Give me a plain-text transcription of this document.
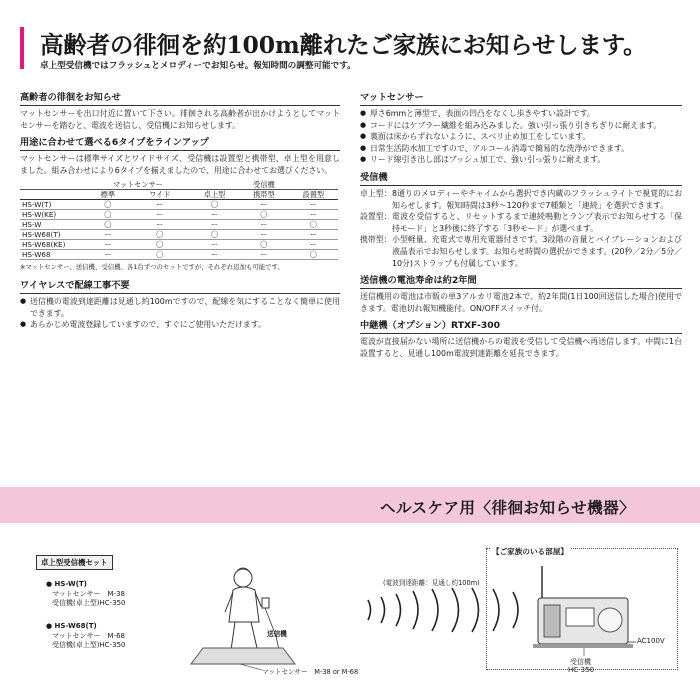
高齢者の徘徊を約100m離れたご家族にお知らせします。
卓上型受信機ではフラッシュとメロディーでお知らせ。報知時間の調整可能です。
高齢者の徘徊をお知らせ
マットセンサーを出口付近に置いて下さい。徘徊される高齢者が出かけようとしてマットセンサーを踏むと、電波を送信し、受信機にお知らせします。
用途に合わせて選べる6タイプをラインアップ
マットセンサーは標準サイズとワイドサイズ、受信機は設置型と携帯型、卓上型を用意しました。組み合わせにより6タイプを揃えましたので、用途に合わせてお選びください。
	マットセンサー		受信機		
	標準	ワイド	卓上型	携帯型	設置型
HS-W(T)	〇	ー	〇	ー	ー
HS-W(KE)	〇	ー	ー	〇	ー
HS-W	〇	ー	ー	ー	〇
HS-W68(T)	ー	〇	〇	ー	ー
HS-W68(KE)	ー	〇	ー	〇	ー
HS-W68	ー	〇	ー	ー	〇
※マットセンサー、送信機、受信機、各1台ずつのセットですが、それぞれ追加も可能です。
ワイヤレスで配線工事不要
● 送信機の電波到達距離は見通し約100mですので、配線を気にすることなく簡単に使用できます。
● あらかじめ電波登録していますので、すぐにご使用いただけます。
マットセンサー
● 厚さ6mmと薄型で、表面の凹凸をなくし歩きやすい設計です。
● コードにはケブラー繊維を組み込みました。強い引っ張り引きちぎりに耐えます。
● 裏面は床からずれないように、スベリ止め加工をしています。
● 日常生活防水加工ですので、アルコール消毒で簡易的な洗浄ができます。
● リード線引き出し部はブッシュ加工で、強い引っ張りに耐えます。
受信機
卓上型： 8通りのメロディーやチャイムから選択でき内蔵のフラッシュライトで視覚的にお知らせします。報知時間は3秒～120秒まで7種類と「連続」を選択できます。
設置型： 電波を受信すると、リセットするまで連続鳴動とランプ表示でお知らせする「保持モード」と3秒後に終了する「3秒モード」が選べます。
携帯型： 小型軽量、充電式で専用充電器付きです。3段階の音量とバイブレーションおよび液晶表示でお知らせします。お知らせ時間の選択ができます。(20秒／2分／5分／10分)ストラップも付属しています。
送信機の電池寿命は約2年間
送信機用の電池は市販の単3アルカリ電池2本で、約2年間(1日100回送信した場合)使用できます。電池切れ報知機能付。ON/OFFスイッチ付。
中継機（オプション）RTXF-300
電波が直接届かない場所に送信機からの電波を受信して受信機へ再送信します。中間に1台設置すると、見通し100m電波到達距離を延長できます。
ヘルスケア用〈徘徊お知らせ機器〉
【ご家族のいる部屋】
卓上型受信機セット
● HS-W(T)
マットセンサー　M-38
受信機(卓上型)HC-350
● HS-W68(T)
マットセンサー　M-68
受信機(卓上型)HC-350
(電波到達距離：見通し約100m)
送信機
マットセンサー　M-38 or M-68
AC100V
受信機
HC-350
